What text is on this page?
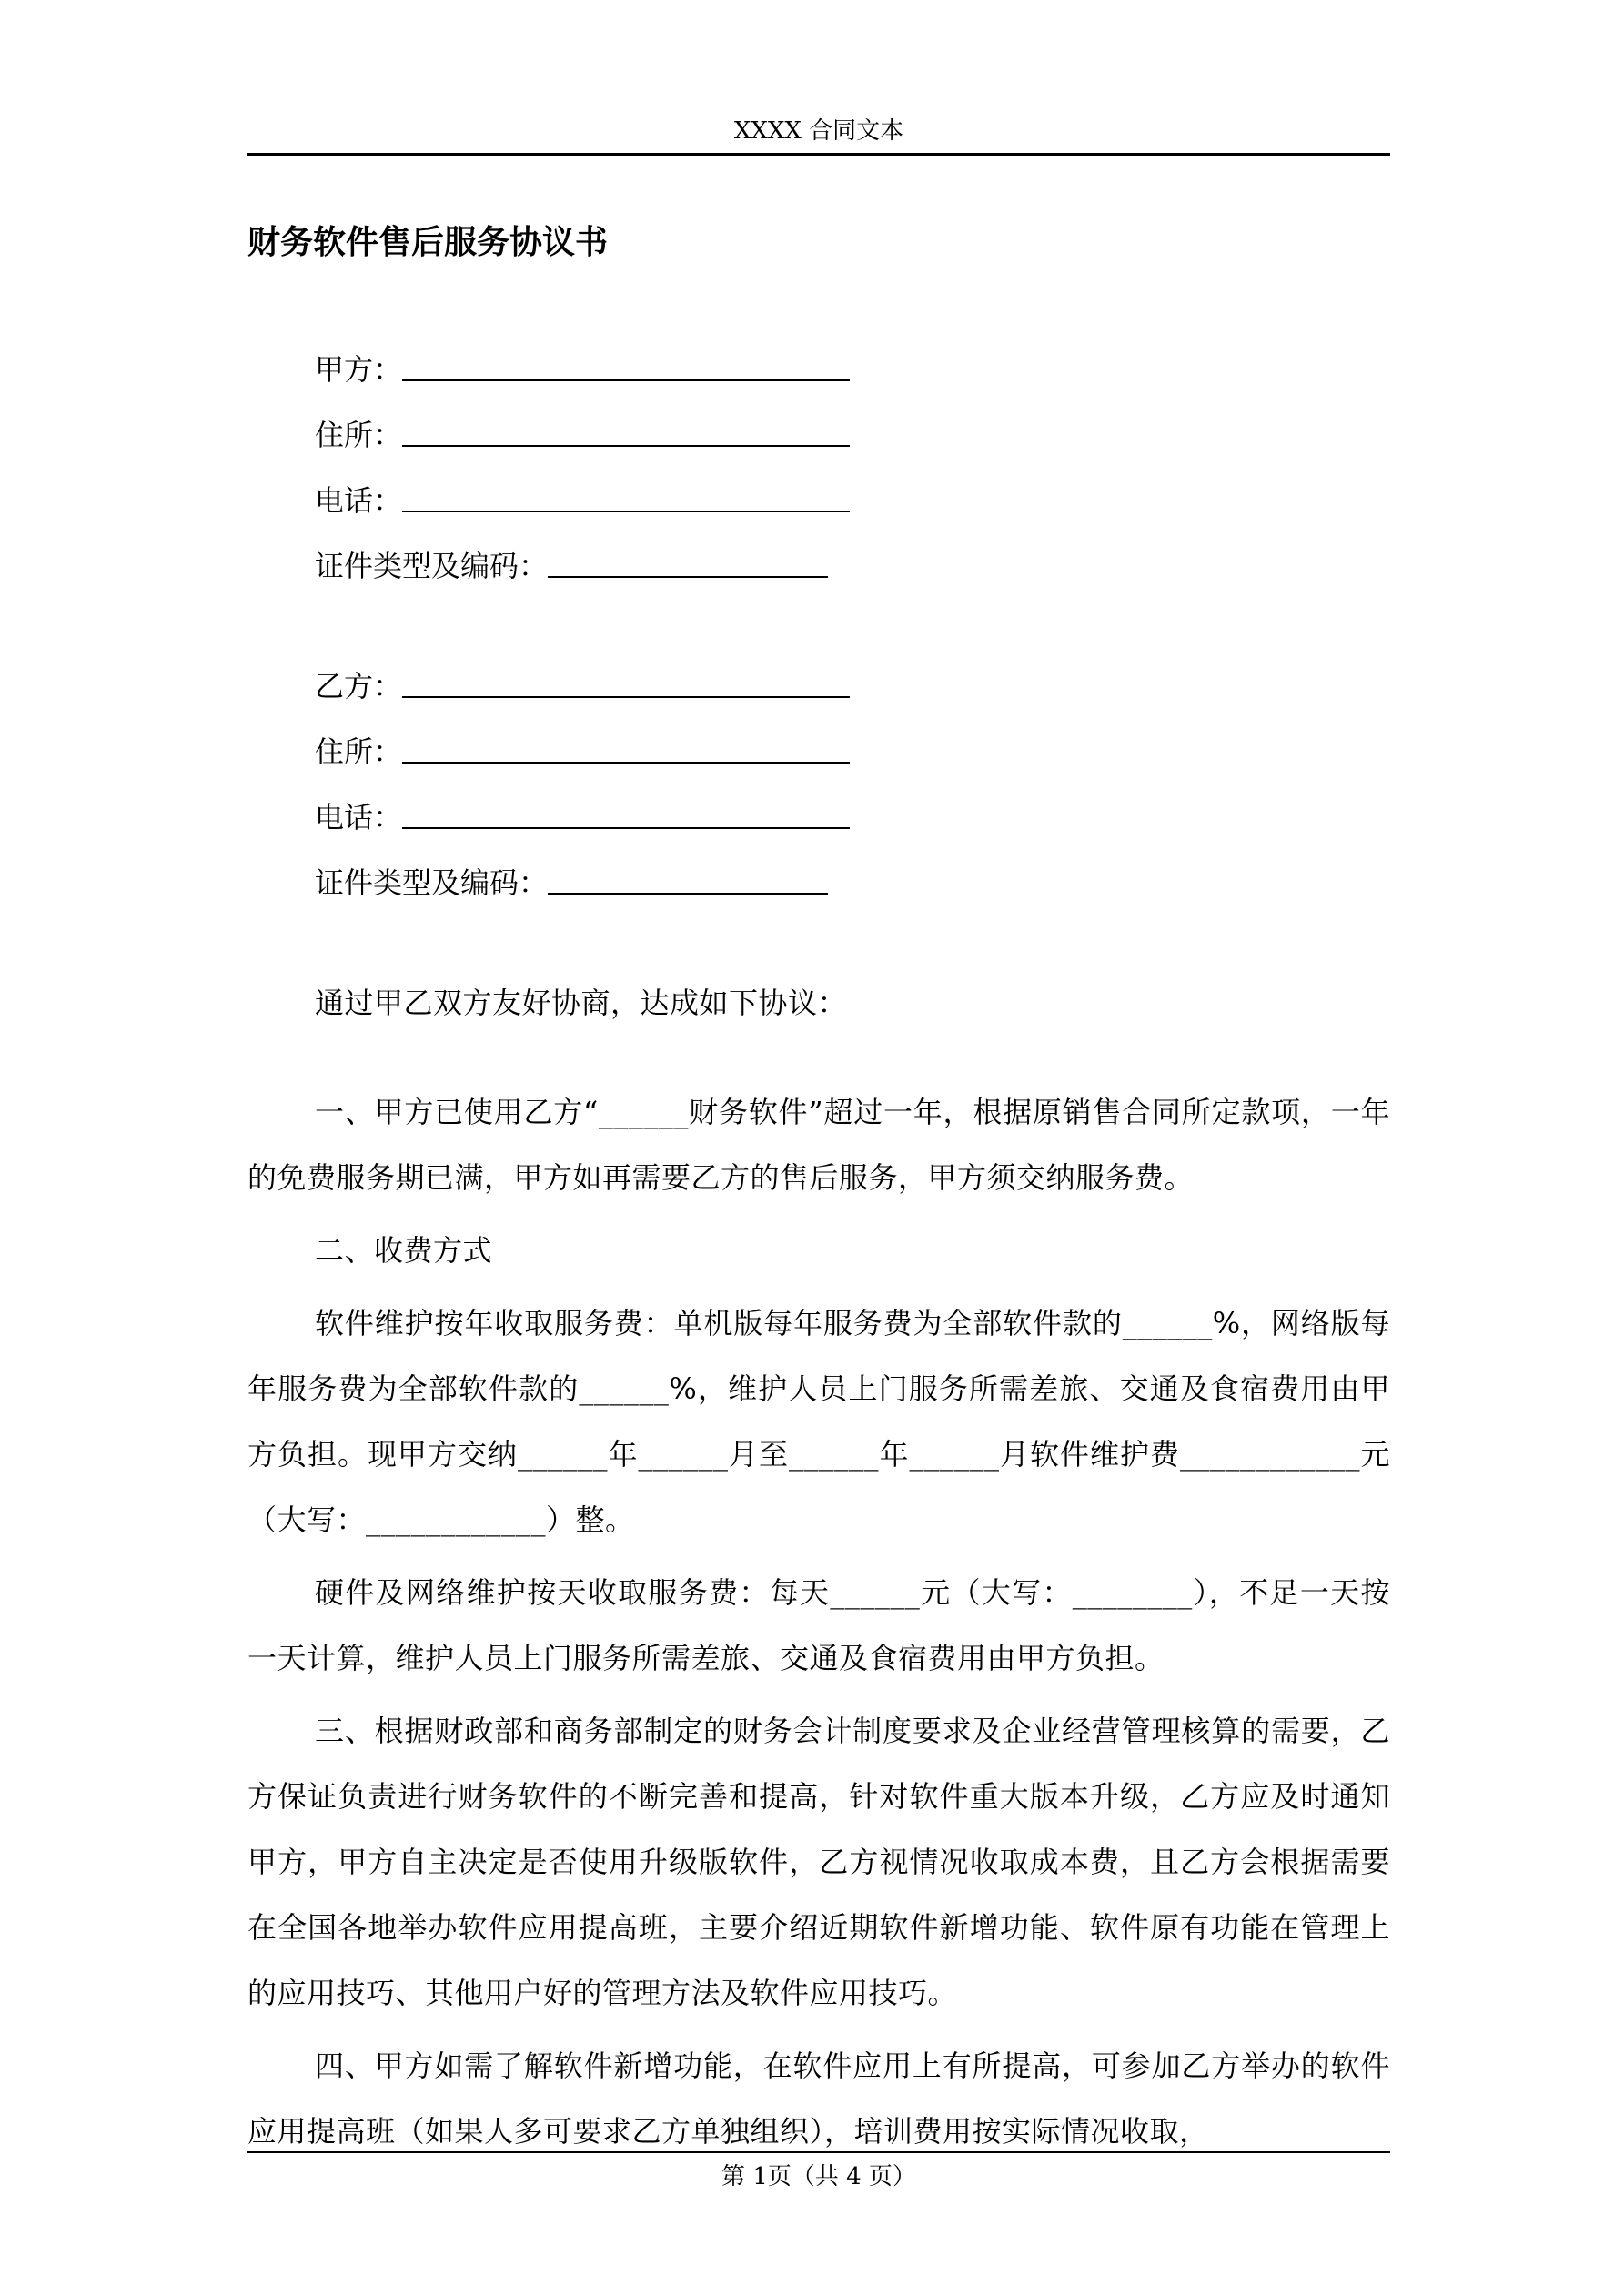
XXXX 合同文本
财务软件售后服务协议书
甲方：
住所：
电话：
证件类型及编码：
乙方：
住所：
电话：
证件类型及编码：

通过甲乙双方友好协商，达成如下协议：

一、甲方已使用乙方“______财务软件”超过一年，根据原销售合同所定款项，一年的免费服务期已满，甲方如再需要乙方的售后服务，甲方须交纳服务费。

二、收费方式

软件维护按年收取服务费：单机版每年服务费为全部软件款的______%，网络版每年服务费为全部软件款的______%，维护人员上门服务所需差旅、交通及食宿费用由甲方负担。现甲方交纳______年______月至______年______月软件维护费____________元（大写：____________）整。

硬件及网络维护按天收取服务费：每天______元（大写：________），不足一天按一天计算，维护人员上门服务所需差旅、交通及食宿费用由甲方负担。

三、根据财政部和商务部制定的财务会计制度要求及企业经营管理核算的需要，乙方保证负责进行财务软件的不断完善和提高，针对软件重大版本升级，乙方应及时通知甲方，甲方自主决定是否使用升级版软件，乙方视情况收取成本费，且乙方会根据需要在全国各地举办软件应用提高班，主要介绍近期软件新增功能、软件原有功能在管理上的应用技巧、其他用户好的管理方法及软件应用技巧。

四、甲方如需了解软件新增功能，在软件应用上有所提高，可参加乙方举办的软件应用提高班（如果人多可要求乙方单独组织），培训费用按实际情况收取，

第 1页（共 4 页）
